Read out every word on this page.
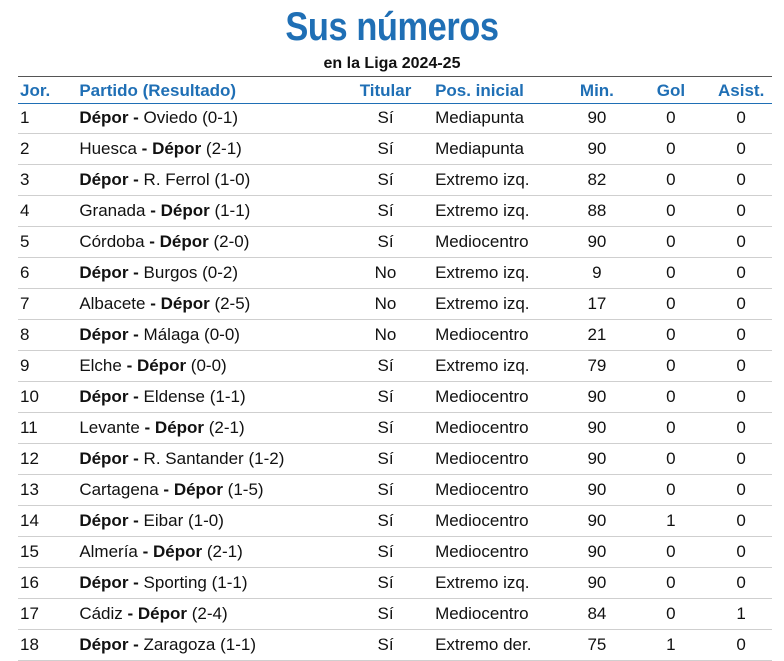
Sus números
en la Liga 2024-25
Jor.	Partido (Resultado)	Titular	Pos. inicial	Min.	Gol	Asist.
1	Dépor - Oviedo (0-1)	Sí	Mediapunta	90	0	0
2	Huesca - Dépor (2-1)	Sí	Mediapunta	90	0	0
3	Dépor - R. Ferrol (1-0)	Sí	Extremo izq.	82	0	0
4	Granada - Dépor (1-1)	Sí	Extremo izq.	88	0	0
5	Córdoba - Dépor (2-0)	Sí	Mediocentro	90	0	0
6	Dépor - Burgos (0-2)	No	Extremo izq.	9	0	0
7	Albacete - Dépor (2-5)	No	Extremo izq.	17	0	0
8	Dépor - Málaga (0-0)	No	Mediocentro	21	0	0
9	Elche - Dépor (0-0)	Sí	Extremo izq.	79	0	0
10	Dépor - Eldense (1-1)	Sí	Mediocentro	90	0	0
11	Levante - Dépor (2-1)	Sí	Mediocentro	90	0	0
12	Dépor - R. Santander (1-2)	Sí	Mediocentro	90	0	0
13	Cartagena - Dépor (1-5)	Sí	Mediocentro	90	0	0
14	Dépor - Eibar (1-0)	Sí	Mediocentro	90	1	0
15	Almería - Dépor (2-1)	Sí	Mediocentro	90	0	0
16	Dépor - Sporting (1-1)	Sí	Extremo izq.	90	0	0
17	Cádiz - Dépor (2-4)	Sí	Mediocentro	84	0	1
18	Dépor - Zaragoza (1-1)	Sí	Extremo der.	75	1	0
